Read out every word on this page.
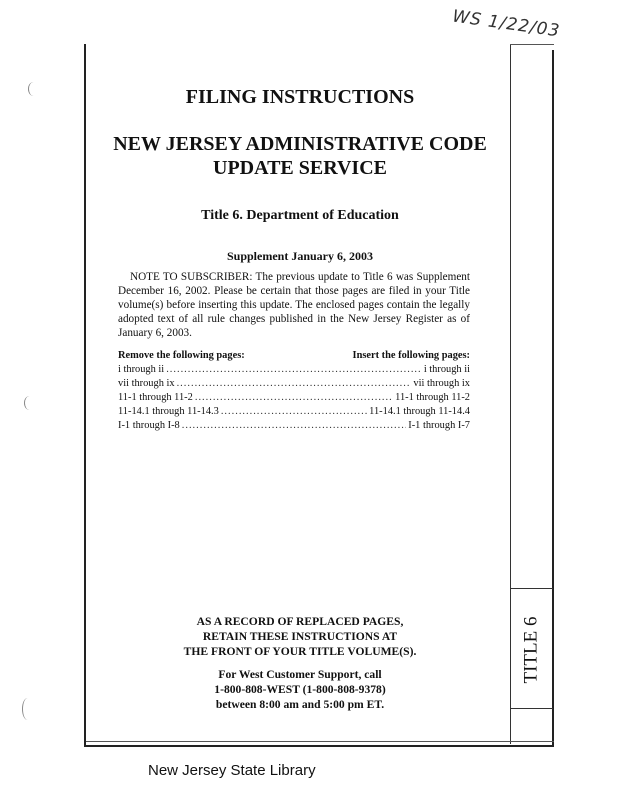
WS 1/22/03
FILING INSTRUCTIONS
NEW JERSEY ADMINISTRATIVE CODE
UPDATE SERVICE
Title 6. Department of Education
Supplement January 6, 2003
NOTE TO SUBSCRIBER: The previous update to Title 6 was Supplement December 16, 2002. Please be certain that those pages are filed in your Title volume(s) before inserting this update. The enclosed pages contain the legally adopted text of all rule changes published in the New Jersey Register as of January 6, 2003.
Remove the following pages:	Insert the following pages:
i through ii .....	i through ii
vii through ix .....	vii through ix
11-1 through 11-2 .....	11-1 through 11-2
11-14.1 through 11-14.3 .....	11-14.1 through 11-14.4
I-1 through I-8 .....	I-1 through I-7
AS A RECORD OF REPLACED PAGES,
RETAIN THESE INSTRUCTIONS AT
THE FRONT OF YOUR TITLE VOLUME(S).
For West Customer Support, call
1-800-808-WEST (1-800-808-9378)
between 8:00 am and 5:00 pm ET.
TITLE 6
New Jersey State Library
